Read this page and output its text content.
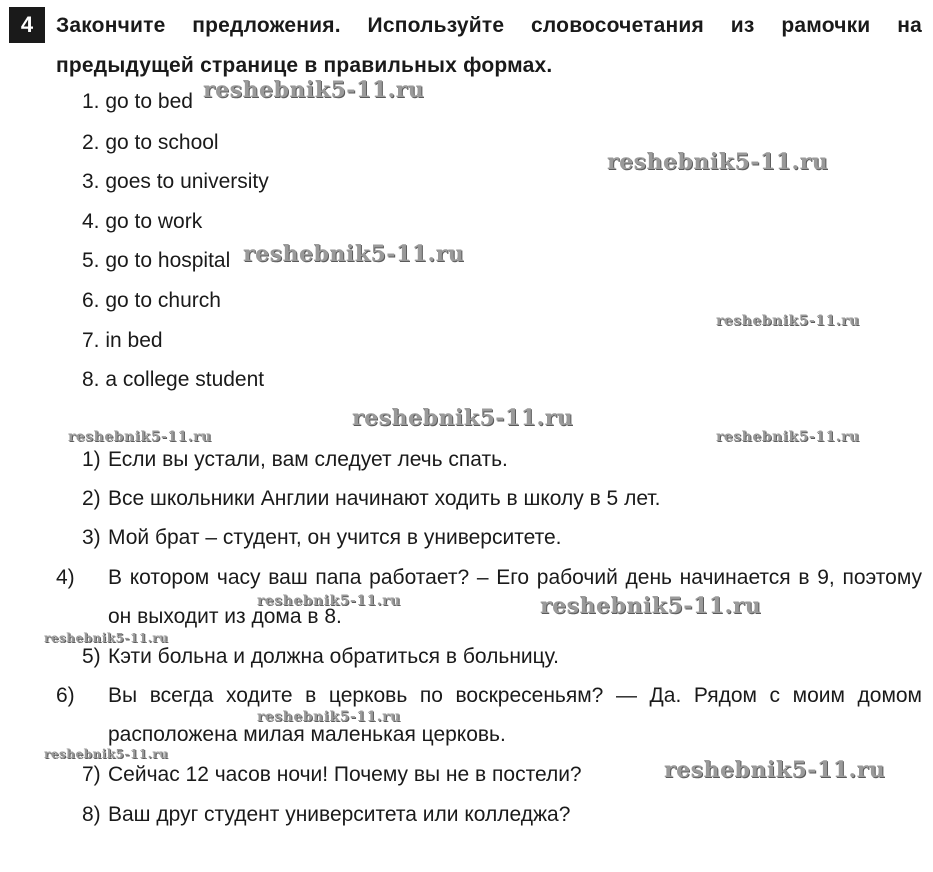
4	Закончите предложения. Используйте словосочетания из рамочки на предыдущей странице в правильных формах.
1. go to bed
2. go to school
3. goes to university
4. go to work
5. go to hospital
6. go to church
7. in bed
8. a college student
1) Если вы устали, вам следует лечь спать.
2) Все школьники Англии начинают ходить в школу в 5 лет.
3) Мой брат – студент, он учится в университете.
4) В котором часу ваш папа работает? – Его рабочий день начинается в 9, поэтому он выходит из дома в 8.
5) Кэти больна и должна обратиться в больницу.
6) Вы всегда ходите в церковь по воскресеньям? — Да. Рядом с моим домом расположена милая маленькая церковь.
7) Сейчас 12 часов ночи! Почему вы не в постели?
8) Ваш друг студент университета или колледжа?
reshebnik5-11.ru
reshebnik5-11.ru
reshebnik5-11.ru
reshebnik5-11.ru
reshebnik5-11.ru
reshebnik5-11.ru	reshebnik5-11.ru
reshebnik5-11.ru	reshebnik5-11.ru
reshebnik5-11.ru
reshebnik5-11.ru
reshebnik5-11.ru
reshebnik5-11.ru
